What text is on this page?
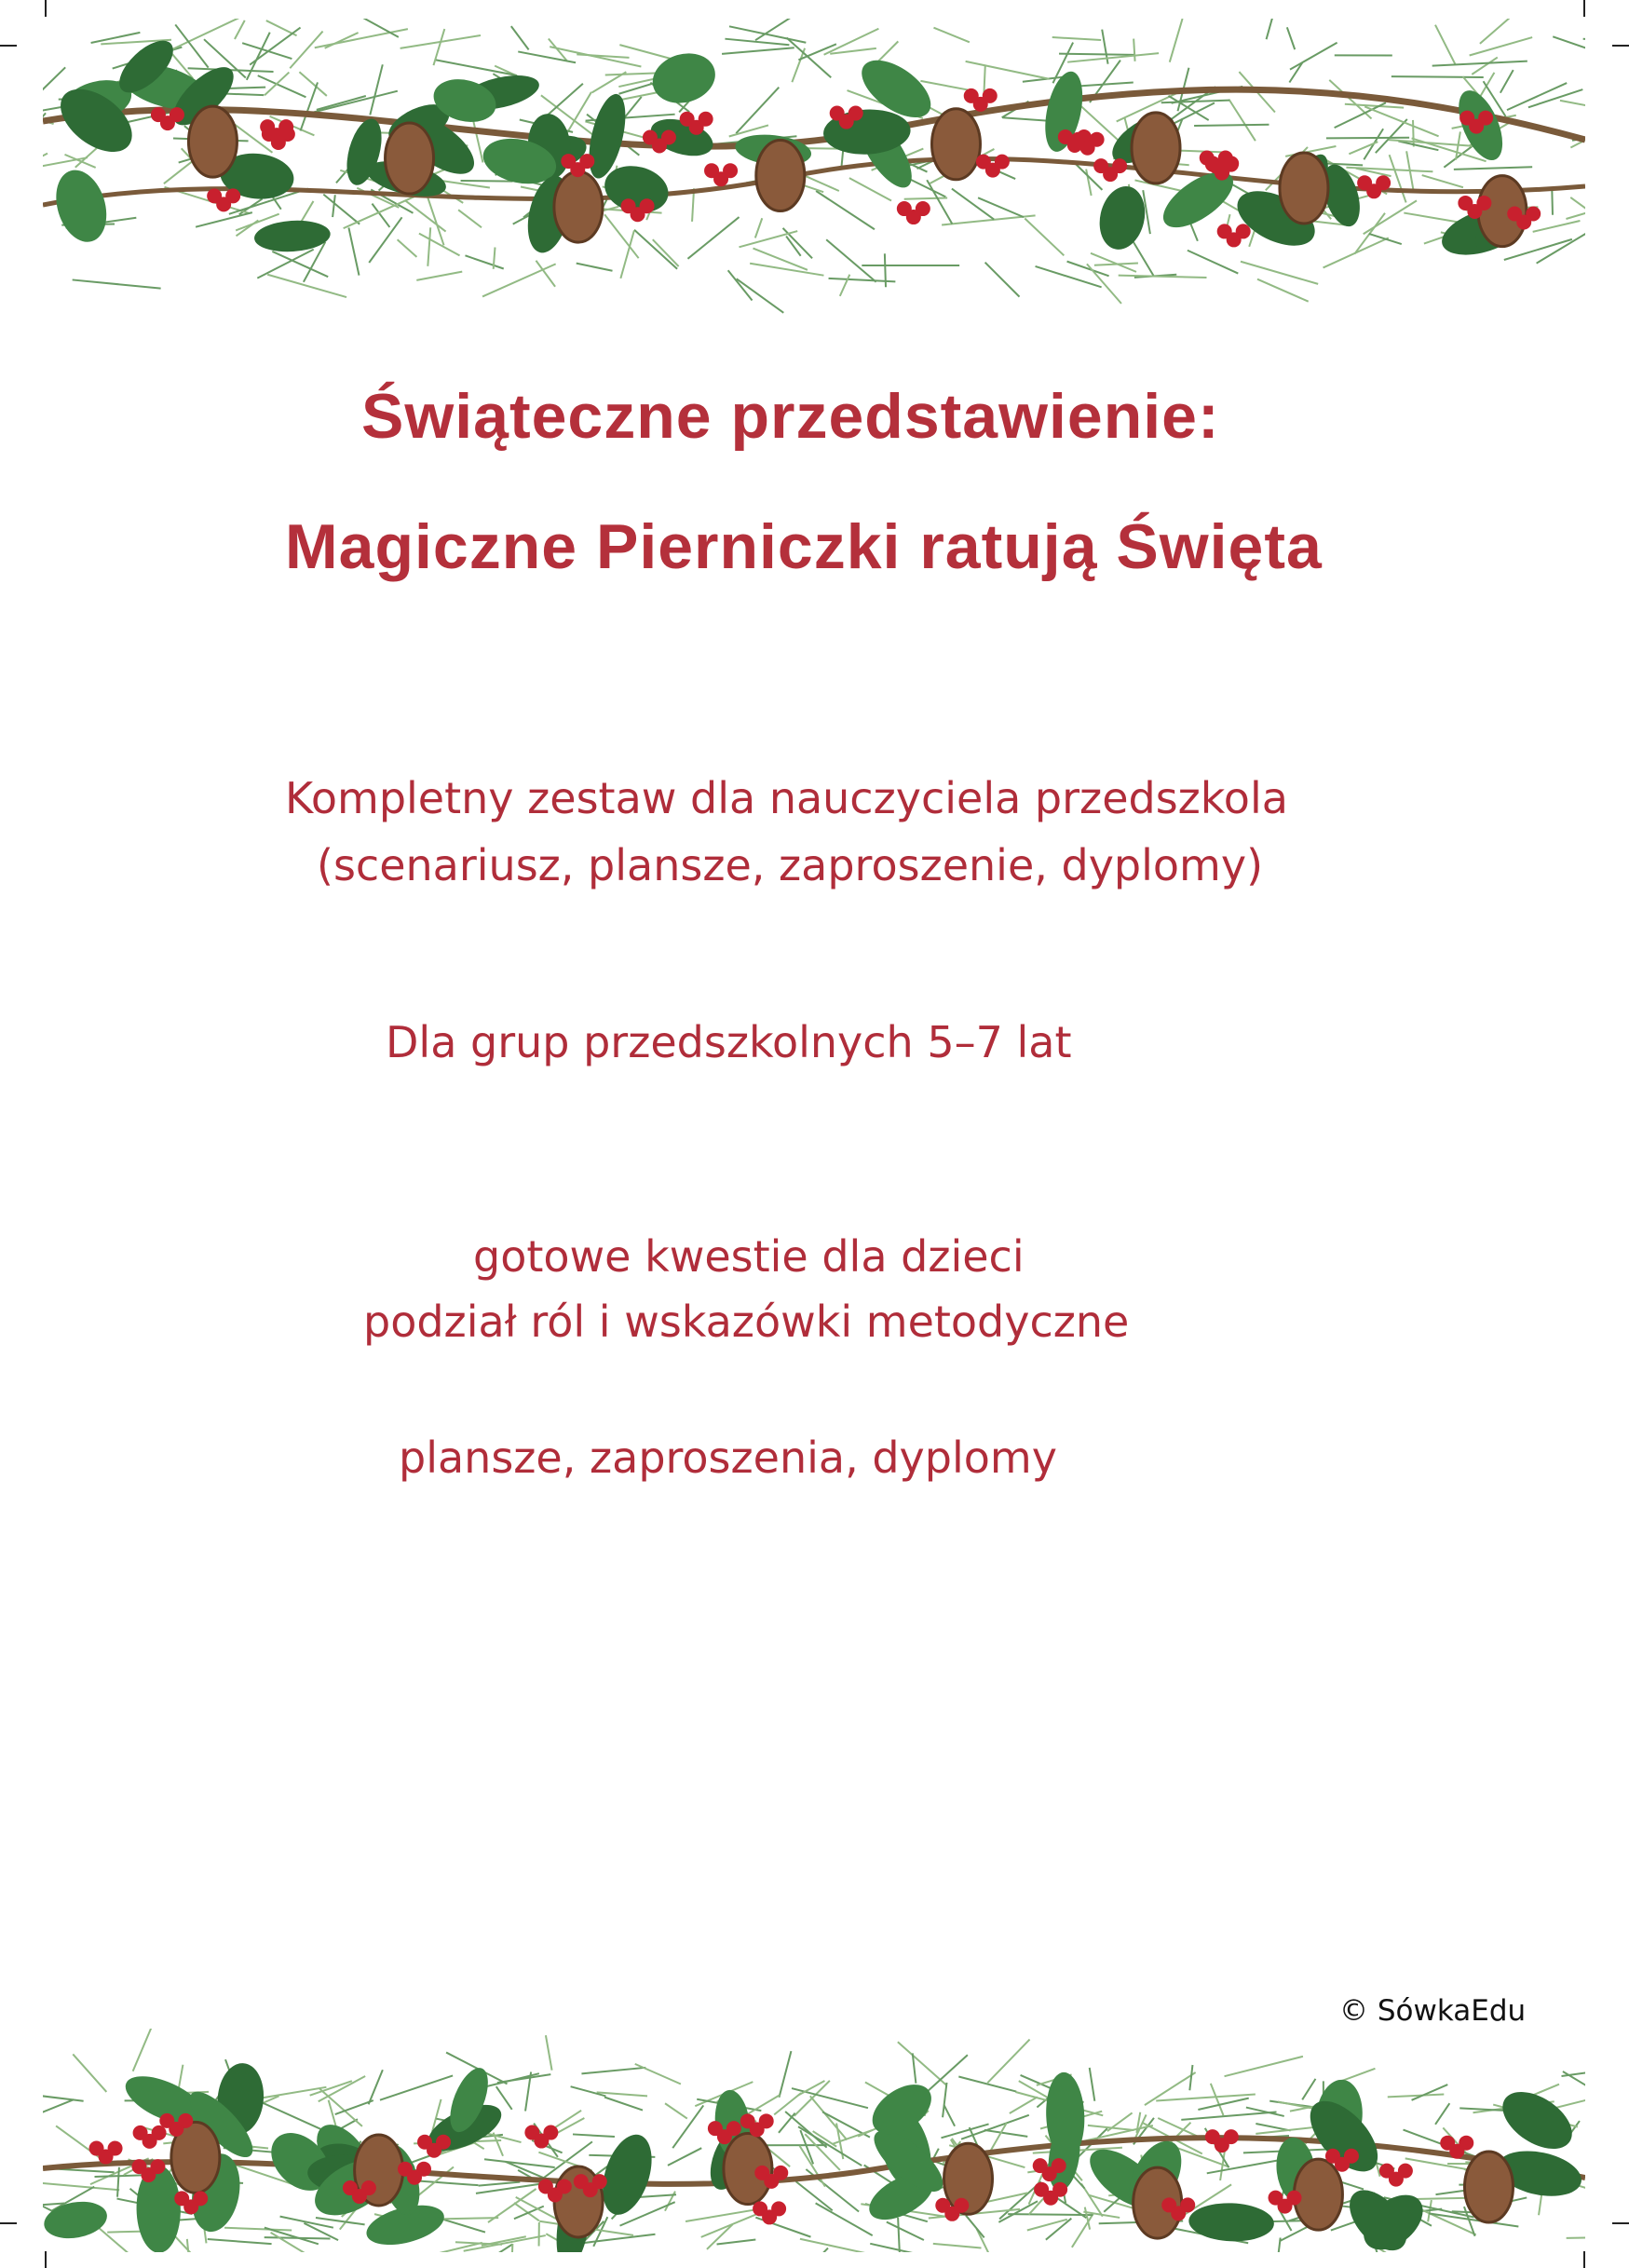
Świąteczne przedstawienie:
Magiczne Pierniczki ratują Święta

Kompletny zestaw dla nauczyciela przedszkola

(scenariusz, plansze, zaproszenie, dyplomy)

Dla grup przedszkolnych 5–7 lat

gotowe kwestie dla dzieci

podział ról i wskazówki metodyczne

plansze, zaproszenia, dyplomy

© SówkaEdu
